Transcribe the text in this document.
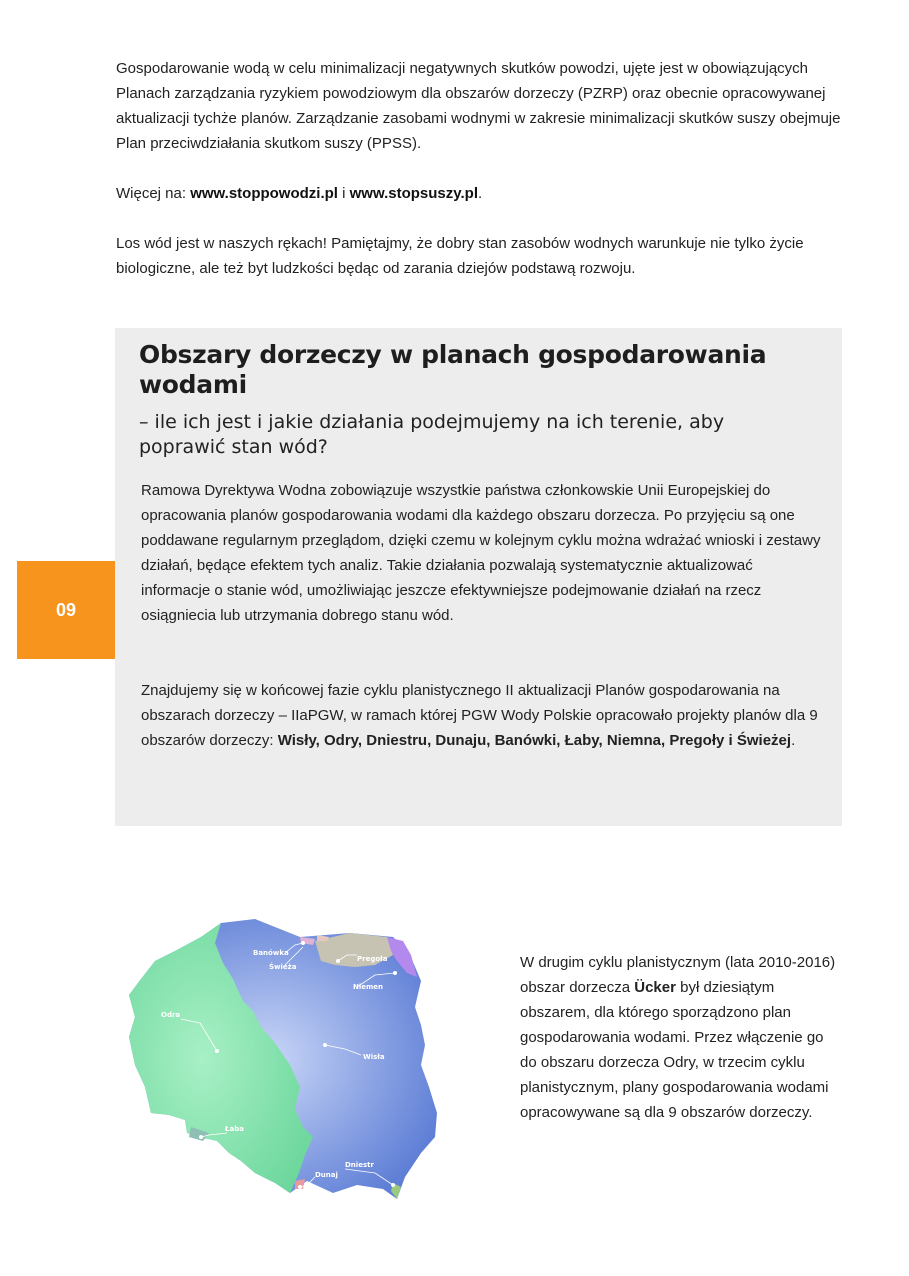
Gospodarowanie wodą w celu minimalizacji negatywnych skutków powodzi, ujęte jest w obowiązujących Planach zarządzania ryzykiem powodziowym dla obszarów dorzeczy (PZRP) oraz obecnie opracowywanej aktualizacji tychże planów. Zarządzanie zasobami wodnymi w zakresie minimalizacji skutków suszy obejmuje Plan przeciwdziałania skutkom suszy (PPSS).

Więcej na: www.stoppowodzi.pl i www.stopsuszy.pl.

Los wód jest w naszych rękach! Pamiętajmy, że dobry stan zasobów wodnych warunkuje nie tylko życie biologiczne, ale też byt ludzkości będąc od zarania dziejów podstawą rozwoju.

Obszary dorzeczy w planach gospodarowania wodami
– ile ich jest i jakie działania podejmujemy na ich terenie, aby poprawić stan wód?

Ramowa Dyrektywa Wodna zobowiązuje wszystkie państwa członkowskie Unii Europejskiej do opracowania planów gospodarowania wodami dla każdego obszaru dorzecza. Po przyjęciu są one poddawane regularnym przeglądom, dzięki czemu w kolejnym cyklu można wdrażać wnioski i zestawy działań, będące efektem tych analiz. Takie działania pozwalają systematycznie aktualizować informacje o stanie wód, umożliwiając jeszcze efektywniejsze podejmowanie działań na rzecz osiągniecia lub utrzymania dobrego stanu wód.

Znajdujemy się w końcowej fazie cyklu planistycznego II aktualizacji Planów gospodarowania na obszarach dorzeczy – IIaPGW, w ramach której PGW Wody Polskie opracowało projekty planów dla 9 obszarów dorzeczy: Wisły, Odry, Dniestru, Dunaju, Banówki, Łaby, Niemna, Pregoły i Świeżej.

09
Banówka
Świeża
Pregoła
Niemen
Odra
Wisła
Łaba
Dunaj
Dniestr

W drugim cyklu planistycznym (lata 2010-2016) obszar dorzecza Ücker był dziesiątym obszarem, dla którego sporządzono plan gospodarowania wodami. Przez włączenie go do obszaru dorzecza Odry, w trzecim cyklu planistycznym, plany gospodarowania wodami opracowywane są dla 9 obszarów dorzeczy.
